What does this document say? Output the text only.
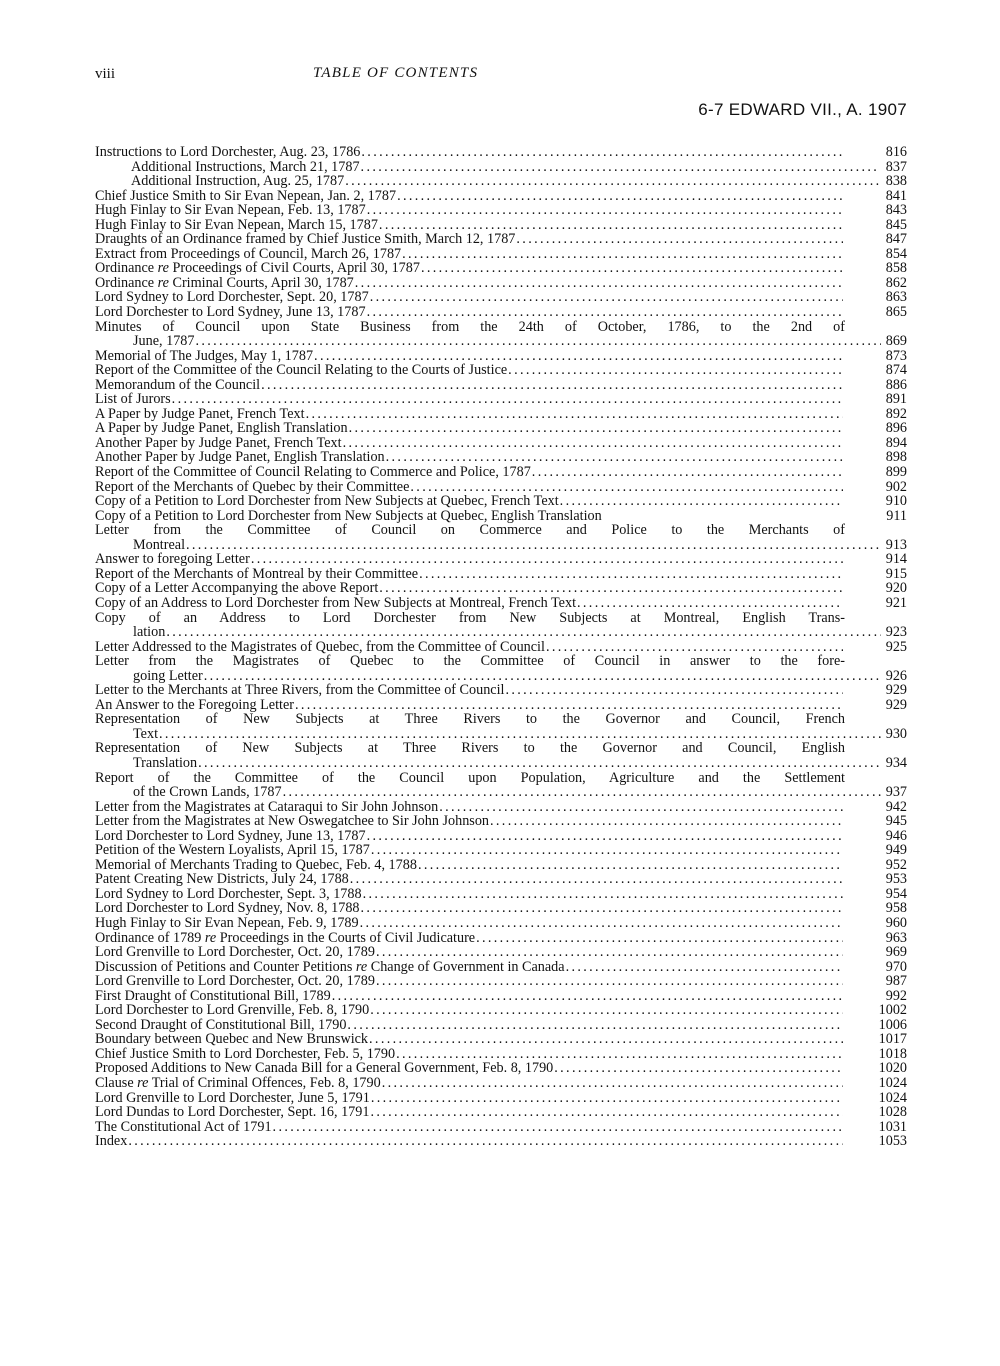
viii	TABLE OF CONTENTS
6-7 EDWARD VII., A. 1907
Instructions to Lord Dorchester, Aug. 23, 1786 . . .	816
Additional Instructions, March 21, 1787 . . .	837
Additional Instruction, Aug. 25, 1787 . . .	838
Chief Justice Smith to Sir Evan Nepean, Jan. 2, 1787 . . .	841
Hugh Finlay to Sir Evan Nepean, Feb. 13, 1787 . . .	843
Hugh Finlay to Sir Evan Nepean, March 15, 1787 . . .	845
Draughts of an Ordinance framed by Chief Justice Smith, March 12, 1787 . . .	847
Extract from Proceedings of Council, March 26, 1787 . . .	854
Ordinance re Proceedings of Civil Courts, April 30, 1787 . . .	858
Ordinance re Criminal Courts, April 30, 1787 . . .	862
Lord Sydney to Lord Dorchester, Sept. 20, 1787 . . .	863
Lord Dorchester to Lord Sydney, June 13, 1787 . . .	865
Minutes of Council upon State Business from the 24th of October, 1786, to the 2nd of
June, 1787 . . .	869
Memorial of The Judges, May 1, 1787 . . .	873
Report of the Committee of the Council Relating to the Courts of Justice . . .	874
Memorandum of the Council . . .	886
List of Jurors . . .	891
A Paper by Judge Panet, French Text . . .	892
A Paper by Judge Panet, English Translation . . .	896
Another Paper by Judge Panet, French Text . . .	894
Another Paper by Judge Panet, English Translation . . .	898
Report of the Committee of Council Relating to Commerce and Police, 1787 . . .	899
Report of the Merchants of Quebec by their Committee . . .	902
Copy of a Petition to Lord Dorchester from New Subjects at Quebec, French Text . . .	910
Copy of a Petition to Lord Dorchester from New Subjects at Quebec, English Translation	911
Letter from the Committee of Council on Commerce and Police to the Merchants of
Montreal . . .	913
Answer to foregoing Letter . . .	914
Report of the Merchants of Montreal by their Committee . . .	915
Copy of a Letter Accompanying the above Report . . .	920
Copy of an Address to Lord Dorchester from New Subjects at Montreal, French Text . . .	921
Copy of an Address to Lord Dorchester from New Subjects at Montreal, English Trans-
lation . . .	923
Letter Addressed to the Magistrates of Quebec, from the Committee of Council . . .	925
Letter from the Magistrates of Quebec to the Committee of Council in answer to the fore-
going Letter . . .	926
Letter to the Merchants at Three Rivers, from the Committee of Council . . .	929
An Answer to the Foregoing Letter . . .	929
Representation of New Subjects at Three Rivers to the Governor and Council, French
Text . . .	930
Representation of New Subjects at Three Rivers to the Governor and Council, English
Translation . . .	934
Report of the Committee of the Council upon Population, Agriculture and the Settlement
of the Crown Lands, 1787 . . .	937
Letter from the Magistrates at Cataraqui to Sir John Johnson . . .	942
Letter from the Magistrates at New Oswegatchee to Sir John Johnson . . .	945
Lord Dorchester to Lord Sydney, June 13, 1787 . . .	946
Petition of the Western Loyalists, April 15, 1787 . . .	949
Memorial of Merchants Trading to Quebec, Feb. 4, 1788 . . .	952
Patent Creating New Districts, July 24, 1788 . . .	953
Lord Sydney to Lord Dorchester, Sept. 3, 1788 . . .	954
Lord Dorchester to Lord Sydney, Nov. 8, 1788 . . .	958
Hugh Finlay to Sir Evan Nepean, Feb. 9, 1789 . . .	960
Ordinance of 1789 re Proceedings in the Courts of Civil Judicature . . .	963
Lord Grenville to Lord Dorchester, Oct. 20, 1789 . . .	969
Discussion of Petitions and Counter Petitions re Change of Government in Canada . . .	970
Lord Grenville to Lord Dorchester, Oct. 20, 1789 . . .	987
First Draught of Constitutional Bill, 1789 . . .	992
Lord Dorchester to Lord Grenville, Feb. 8, 1790 . . .	1002
Second Draught of Constitutional Bill, 1790 . . .	1006
Boundary between Quebec and New Brunswick . . .	1017
Chief Justice Smith to Lord Dorchester, Feb. 5, 1790 . . .	1018
Proposed Additions to New Canada Bill for a General Government, Feb. 8, 1790 . . .	1020
Clause re Trial of Criminal Offences, Feb. 8, 1790 . . .	1024
Lord Grenville to Lord Dorchester, June 5, 1791 . . .	1024
Lord Dundas to Lord Dorchester, Sept. 16, 1791 . . .	1028
The Constitutional Act of 1791 . . .	1031
Index . . .	1053
